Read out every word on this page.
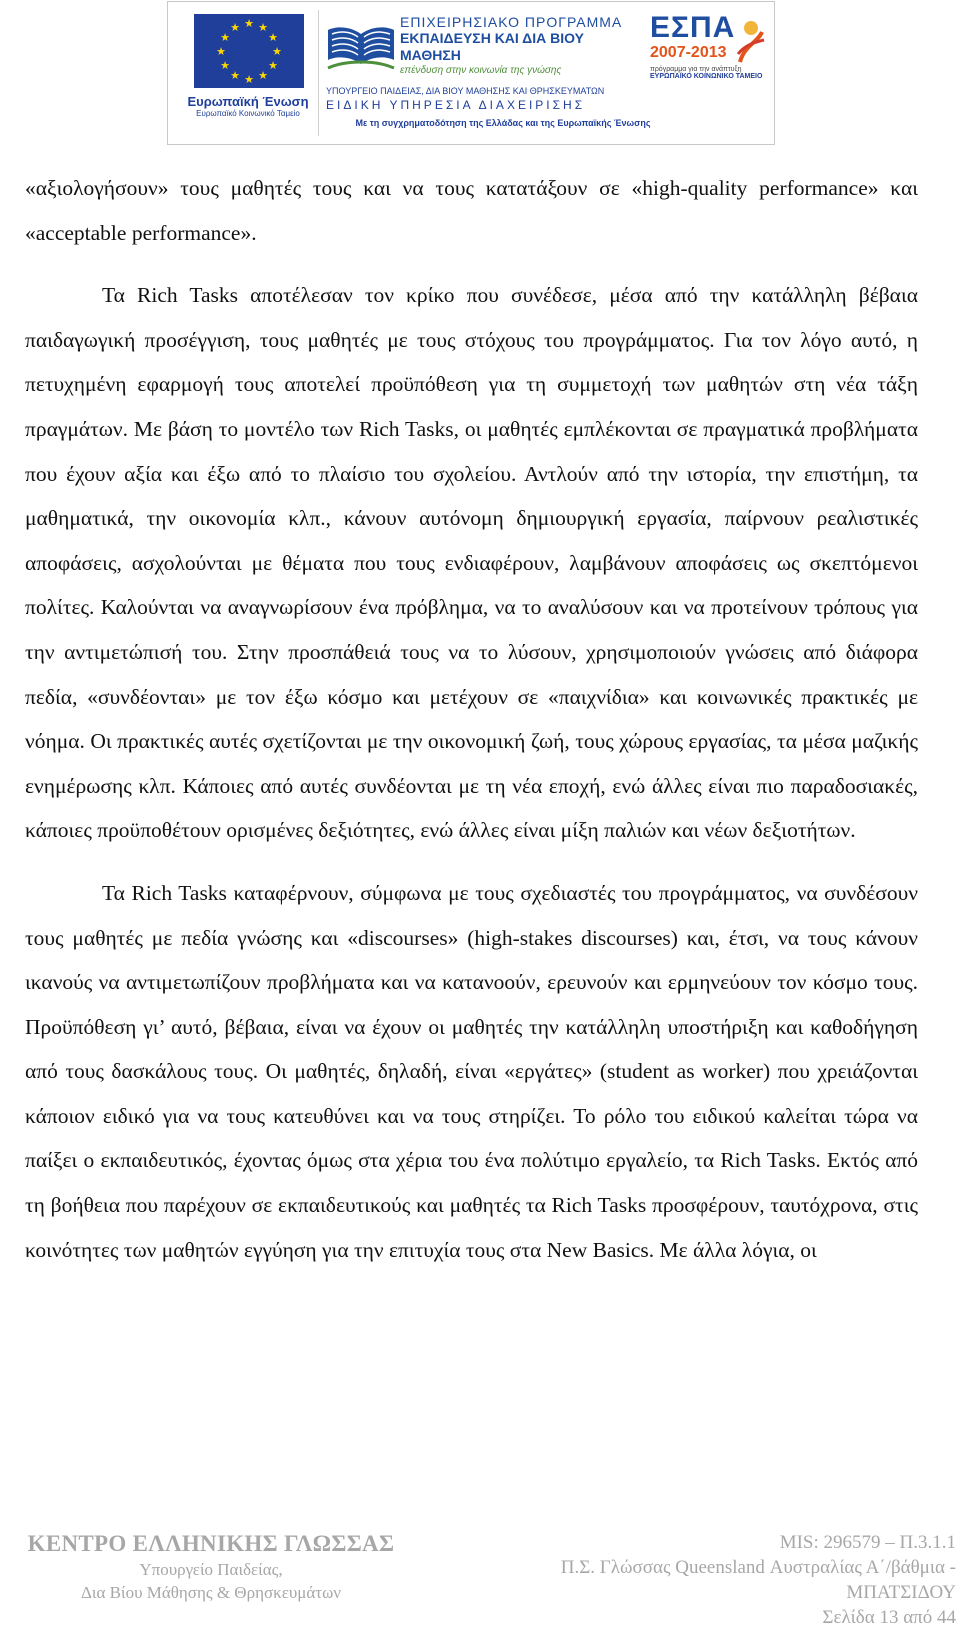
★ ★
★
★
★
★
★
★
★
★
★
★
Ευρωπαϊκή Ένωση
Ευρωπαϊκό Κοινωνικό Ταμείο
ΕΠΙΧΕΙΡΗΣΙΑΚΟ ΠΡΟΓΡΑΜΜΑ
ΕΚΠΑΙΔΕΥΣΗ ΚΑΙ ΔΙΑ ΒΙΟΥ ΜΑΘΗΣΗ
επένδυση στην κοινωνία της γνώσης
ΥΠΟΥΡΓΕΙΟ ΠΑΙΔΕΙΑΣ, ΔΙΑ ΒΙΟΥ ΜΑΘΗΣΗΣ ΚΑΙ ΘΡΗΣΚΕΥΜΑΤΩΝ
ΕΙΔΙΚΗ ΥΠΗΡΕΣΙΑ ΔΙΑΧΕΙΡΙΣΗΣ
Με τη συγχρηματοδότηση της Ελλάδας και της Ευρωπαϊκής Ένωσης
ΕΣΠΑ
2007-2013
πρόγραμμα για την ανάπτυξη
ΕΥΡΩΠΑΪΚΟ ΚΟΙΝΩΝΙΚΟ ΤΑΜΕΙΟ

«αξιολογήσουν» τους μαθητές τους και να τους κατατάξουν σε «high-quality performance» και «acceptable performance».

Τα Rich Tasks αποτέλεσαν τον κρίκο που συνέδεσε, μέσα από την κατάλληλη βέβαια παιδαγωγική προσέγγιση, τους μαθητές με τους στόχους του προγράμματος. Για τον λόγο αυτό, η πετυχημένη εφαρμογή τους αποτελεί προϋπόθεση για τη συμμετοχή των μαθητών στη νέα τάξη πραγμάτων. Με βάση το μοντέλο των Rich Tasks, οι μαθητές εμπλέκονται σε πραγματικά προβλήματα που έχουν αξία και έξω από το πλαίσιο του σχολείου. Αντλούν από την ιστορία, την επιστήμη, τα μαθηματικά, την οικονομία κλπ., κάνουν αυτόνομη δημιουργική εργασία, παίρνουν ρεαλιστικές αποφάσεις, ασχολούνται με θέματα που τους ενδιαφέρουν, λαμβάνουν αποφάσεις ως σκεπτόμενοι πολίτες. Καλούνται να αναγνωρίσουν ένα πρόβλημα, να το αναλύσουν και να προτείνουν τρόπους για την αντιμετώπισή του. Στην προσπάθειά τους να το λύσουν, χρησιμοποιούν γνώσεις από διάφορα πεδία, «συνδέονται» με τον έξω κόσμο και μετέχουν σε «παιχνίδια» και κοινωνικές πρακτικές με νόημα. Οι πρακτικές αυτές σχετίζονται με την οικονομική ζωή, τους χώρους εργασίας, τα μέσα μαζικής ενημέρωσης κλπ. Κάποιες από αυτές συνδέονται με τη νέα εποχή, ενώ άλλες είναι πιο παραδοσιακές, κάποιες προϋποθέτουν ορισμένες δεξιότητες, ενώ άλλες είναι μίξη παλιών και νέων δεξιοτήτων.

Τα Rich Tasks καταφέρνουν, σύμφωνα με τους σχεδιαστές του προγράμματος, να συνδέσουν τους μαθητές με πεδία γνώσης και «discourses» (high-stakes discourses) και, έτσι, να τους κάνουν ικανούς να αντιμετωπίζουν προβλήματα και να κατανοούν, ερευνούν και ερμηνεύουν τον κόσμο τους. Προϋπόθεση γι’ αυτό, βέβαια, είναι να έχουν οι μαθητές την κατάλληλη υποστήριξη και καθοδήγηση από τους δασκάλους τους. Οι μαθητές, δηλαδή, είναι «εργάτες» (student as worker) που χρειάζονται κάποιον ειδικό για να τους κατευθύνει και να τους στηρίζει. Το ρόλο του ειδικού καλείται τώρα να παίξει ο εκπαιδευτικός, έχοντας όμως στα χέρια του ένα πολύτιμο εργαλείο, τα Rich Tasks. Εκτός από τη βοήθεια που παρέχουν σε εκπαιδευτικούς και μαθητές τα Rich Tasks προσφέρουν, ταυτόχρονα, στις κοινότητες των μαθητών εγγύηση για την επιτυχία τους στα New Basics. Με άλλα λόγια, οι

ΚΕΝΤΡΟ ΕΛΛΗΝΙΚΗΣ ΓΛΩΣΣΑΣ
Υπουργείο Παιδείας,
Δια Βίου Μάθησης & Θρησκευμάτων
MIS: 296579 – Π.3.1.1
Π.Σ. Γλώσσας Queensland Αυστραλίας Α΄/βάθμια - ΜΠΑΤΣΙΔΟΥ
Σελίδα 13 από 44
